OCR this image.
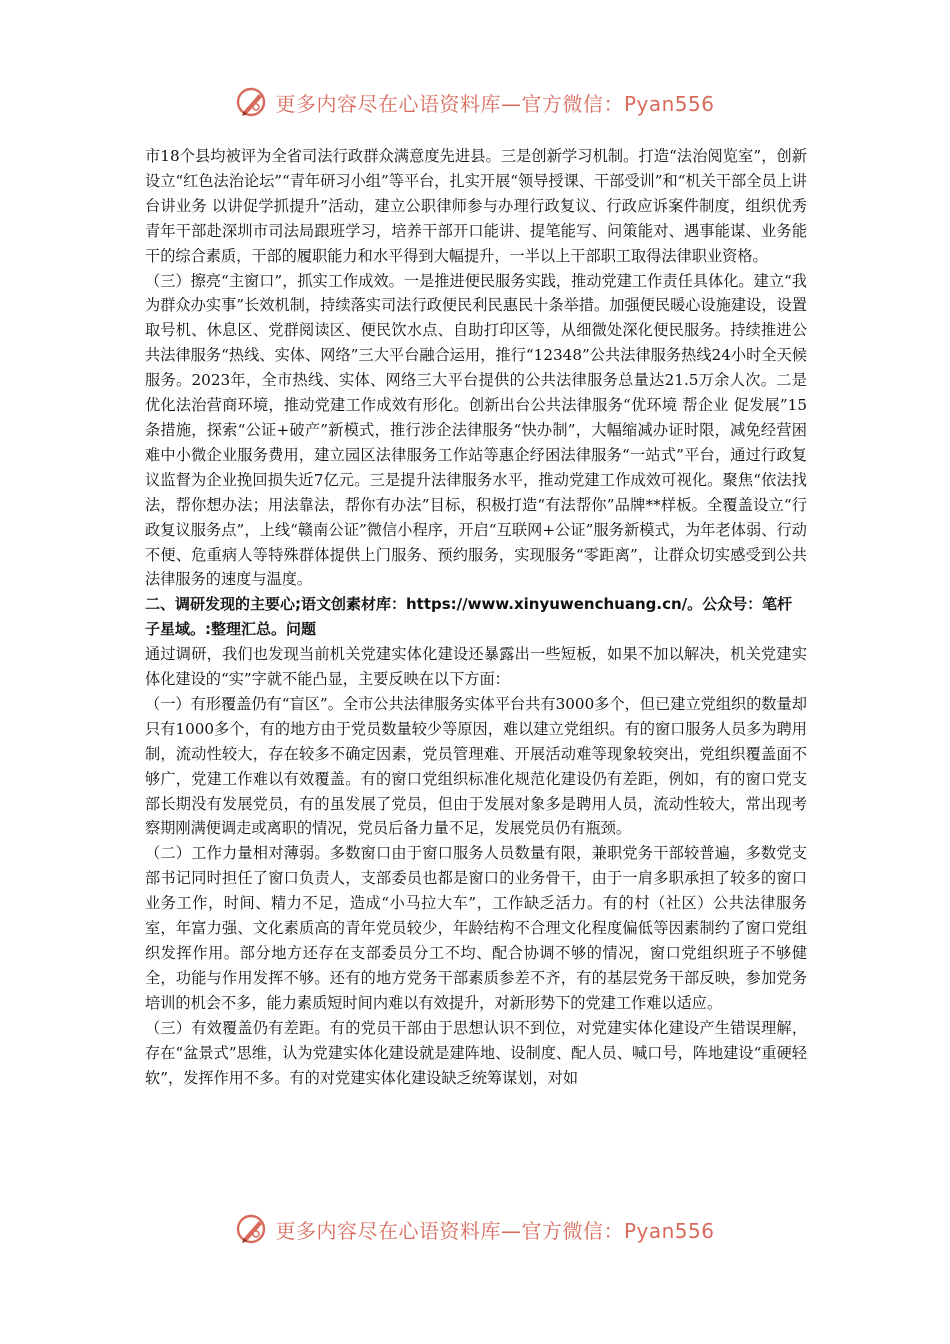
更多内容尽在心语资料库—官方微信：Pyan556

市18个县均被评为全省司法行政群众满意度先进县。三是创新学习机制。打造“法治阅览室”，创新设立“红色法治论坛”“青年研习小组”等平台，扎实开展“领导授课、干部受训”和“机关干部全员上讲台讲业务 以讲促学抓提升”活动，建立公职律师参与办理行政复议、行政应诉案件制度，组织优秀青年干部赴深圳市司法局跟班学习，培养干部开口能讲、提笔能写、问策能对、遇事能谋、业务能干的综合素质，干部的履职能力和水平得到大幅提升，一半以上干部职工取得法律职业资格。

（三）擦亮“主窗口”，抓实工作成效。一是推进便民服务实践，推动党建工作责任具体化。建立“我为群众办实事”长效机制，持续落实司法行政便民利民惠民十条举措。加强便民暖心设施建设，设置取号机、休息区、党群阅读区、便民饮水点、自助打印区等，从细微处深化便民服务。持续推进公共法律服务“热线、实体、网络”三大平台融合运用，推行“12348”公共法律服务热线24小时全天候服务。2023年，全市热线、实体、网络三大平台提供的公共法律服务总量达21.5万余人次。二是优化法治营商环境，推动党建工作成效有形化。创新出台公共法律服务“优环境 帮企业 促发展”15条措施，探索“公证+破产”新模式，推行涉企法律服务“快办制”，大幅缩减办证时限，减免经营困难中小微企业服务费用，建立园区法律服务工作站等惠企纾困法律服务“一站式”平台，通过行政复议监督为企业挽回损失近7亿元。三是提升法律服务水平，推动党建工作成效可视化。聚焦“依法找法，帮你想办法；用法靠法，帮你有办法”目标，积极打造“有法帮你”品牌**样板。全覆盖设立“行政复议服务点”，上线“赣南公证”微信小程序，开启“互联网+公证”服务新模式，为年老体弱、行动不便、危重病人等特殊群体提供上门服务、预约服务，实现服务“零距离”，让群众切实感受到公共法律服务的速度与温度。

二、调研发现的主要心;语文创素材库：https://www.xinyuwenchuang.cn/。公众号：笔杆子星域。:整理汇总。问题

通过调研，我们也发现当前机关党建实体化建设还暴露出一些短板，如果不加以解决，机关党建实体化建设的“实”字就不能凸显，主要反映在以下方面：

（一）有形覆盖仍有“盲区”。全市公共法律服务实体平台共有3000多个，但已建立党组织的数量却只有1000多个，有的地方由于党员数量较少等原因，难以建立党组织。有的窗口服务人员多为聘用制，流动性较大，存在较多不确定因素，党员管理难、开展活动难等现象较突出，党组织覆盖面不够广，党建工作难以有效覆盖。有的窗口党组织标准化规范化建设仍有差距，例如，有的窗口党支部长期没有发展党员，有的虽发展了党员，但由于发展对象多是聘用人员，流动性较大，常出现考察期刚满便调走或离职的情况，党员后备力量不足，发展党员仍有瓶颈。

（二）工作力量相对薄弱。多数窗口由于窗口服务人员数量有限，兼职党务干部较普遍，多数党支部书记同时担任了窗口负责人，支部委员也都是窗口的业务骨干，由于一肩多职承担了较多的窗口业务工作，时间、精力不足，造成“小马拉大车”，工作缺乏活力。有的村（社区）公共法律服务室，年富力强、文化素质高的青年党员较少，年龄结构不合理文化程度偏低等因素制约了窗口党组织发挥作用。部分地方还存在支部委员分工不均、配合协调不够的情况，窗口党组织班子不够健全，功能与作用发挥不够。还有的地方党务干部素质参差不齐，有的基层党务干部反映，参加党务培训的机会不多，能力素质短时间内难以有效提升，对新形势下的党建工作难以适应。

（三）有效覆盖仍有差距。有的党员干部由于思想认识不到位，对党建实体化建设产生错误理解，存在“盆景式”思维，认为党建实体化建设就是建阵地、设制度、配人员、喊口号，阵地建设“重硬轻软”，发挥作用不多。有的对党建实体化建设缺乏统筹谋划，对如

更多内容尽在心语资料库—官方微信：Pyan556
